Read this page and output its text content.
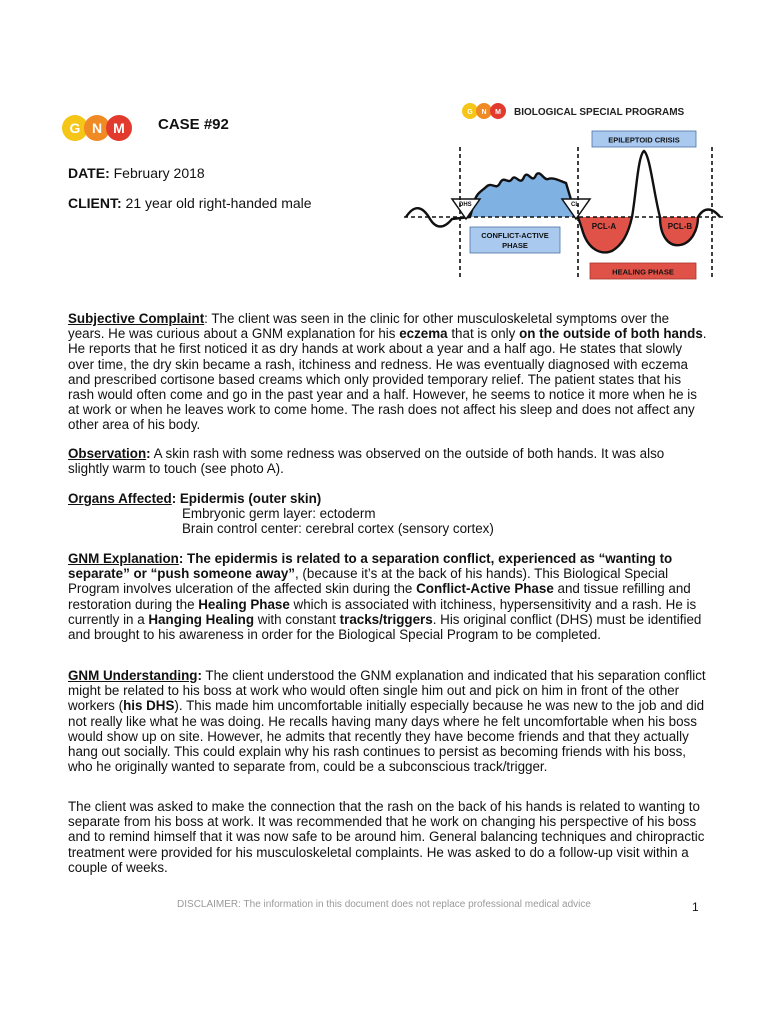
G N M	CASE #92
DATE: February 2018
CLIENT: 21 year old right-handed male
G N M BIOLOGICAL SPECIAL PROGRAMS
DHS	CL
EPILEPTOID CRISIS
PCL-A	PCL-B
CONFLICT-ACTIVE
PHASE
HEALING PHASE

Subjective Complaint: The client was seen in the clinic for other musculoskeletal symptoms over the years. He was curious about a GNM explanation for his eczema that is only on the outside of both hands. He reports that he first noticed it as dry hands at work about a year and a half ago. He states that slowly over time, the dry skin became a rash, itchiness and redness. He was eventually diagnosed with eczema and prescribed cortisone based creams which only provided temporary relief. The patient states that his rash would often come and go in the past year and a half. However, he seems to notice it more when he is at work or when he leaves work to come home. The rash does not affect his sleep and does not affect any other area of his body.

Observation: A skin rash with some redness was observed on the outside of both hands. It was also slightly warm to touch (see photo A).

Organs Affected: Epidermis (outer skin)

Embryonic germ layer: ectoderm

Brain control center: cerebral cortex (sensory cortex)

GNM Explanation: The epidermis is related to a separation conflict, experienced as “wanting to separate” or “push someone away”, (because it’s at the back of his hands). This Biological Special Program involves ulceration of the affected skin during the Conflict-Active Phase and tissue refilling and restoration during the Healing Phase which is associated with itchiness, hypersensitivity and a rash. He is currently in a Hanging Healing with constant tracks/triggers. His original conflict (DHS) must be identified and brought to his awareness in order for the Biological Special Program to be completed.

GNM Understanding: The client understood the GNM explanation and indicated that his separation conflict might be related to his boss at work who would often single him out and pick on him in front of the other workers (his DHS). This made him uncomfortable initially especially because he was new to the job and did not really like what he was doing. He recalls having many days where he felt uncomfortable when his boss would show up on site. However, he admits that recently they have become friends and that they actually hang out socially. This could explain why his rash continues to persist as becoming friends with his boss, who he originally wanted to separate from, could be a subconscious track/trigger.

The client was asked to make the connection that the rash on the back of his hands is related to wanting to separate from his boss at work. It was recommended that he work on changing his perspective of his boss and to remind himself that it was now safe to be around him. General balancing techniques and chiropractic treatment were provided for his musculoskeletal complaints. He was asked to do a follow-up visit within a couple of weeks.
DISCLAIMER: The information in this document does not replace professional medical advice	1
